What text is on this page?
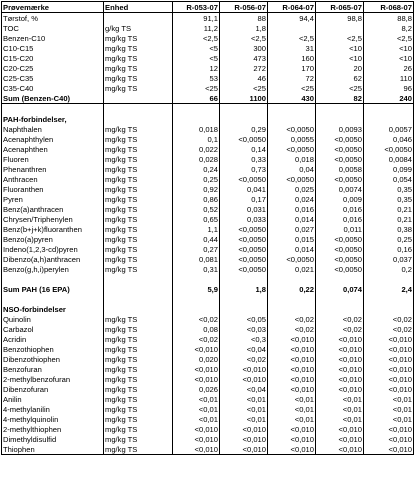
Prøvemærke	Enhed	R-053-07	R-056-07	R-064-07	R-065-07	R-068-07
Tørstof, %		91,1	88	94,4	98,8	88,8
TOC	g/kg TS	11,2	1,8			8,2
Benzen-C10	mg/kg TS	<2,5	<2,5	<2,5	<2,5	<2,5
C10-C15	mg/kg TS	<5	300	31	<10	<10
C15-C20	mg/kg TS	<5	473	160	<10	<10
C20-C25	mg/kg TS	12	272	170	20	26
C25-C35	mg/kg TS	53	46	72	62	110
C35-C40	mg/kg TS	<25	<25	<25	<25	96
Sum (Benzen-C40)		66	1100	430	82	240

PAH-forbindelser,						
Naphthalen	mg/kg TS	0,018	0,29	<0,0050	0,0093	0,0057
Acenaphthylen	mg/kg TS	0,1	<0,0050	0,0055	<0,0050	0,046
Acenaphthen	mg/kg TS	0,022	0,14	<0,0050	<0,0050	<0,0050
Fluoren	mg/kg TS	0,028	0,33	0,018	<0,0050	0,0084
Phenanthren	mg/kg TS	0,24	0,73	0,04	0,0058	0,099
Anthracen	mg/kg TS	0,25	<0,0050	<0,0050	<0,0050	0,054
Fluoranthen	mg/kg TS	0,92	0,041	0,025	0,0074	0,35
Pyren	mg/kg TS	0,86	0,17	0,024	0,009	0,35
Benz(a)anthracen	mg/kg TS	0,52	0,031	0,016	0,016	0,21
Chrysen/Triphenylen	mg/kg TS	0,65	0,033	0,014	0,016	0,21
Benz(b+j+k)fluoranthen	mg/kg TS	1,1	<0,0050	0,027	0,011	0,38
Benzo(a)pyren	mg/kg TS	0,44	<0,0050	0,015	<0,0050	0,25
Indeno(1,2,3-cd)pyren	mg/kg TS	0,27	<0,0050	0,014	<0,0050	0,16
Dibenzo(a,h)anthracen	mg/kg TS	0,081	<0,0050	<0,0050	<0,0050	0,037
Benzo(g,h,i)perylen	mg/kg TS	0,31	<0,0050	0,021	<0,0050	0,2

Sum PAH (16 EPA)		5,9	1,8	0,22	0,074	2,4

NSO-forbindelser						
Quinolin	mg/kg TS	<0,02	<0,05	<0,02	<0,02	<0,02
Carbazol	mg/kg TS	0,08	<0,03	<0,02	<0,02	<0,02
Acridin	mg/kg TS	<0,02	<0,3	<0,010	<0,010	<0,010
Benzothiophen	mg/kg TS	<0,010	<0,04	<0,010	<0,010	<0,010
Dibenzothiophen	mg/kg TS	0,020	<0,02	<0,010	<0,010	<0,010
Benzofuran	mg/kg TS	<0,010	<0,010	<0,010	<0,010	<0,010
2-methylbenzofuran	mg/kg TS	<0,010	<0,010	<0,010	<0,010	<0,010
Dibenzofuran	mg/kg TS	0,026	<0,04	<0,010	<0,010	<0,010
Anilin	mg/kg TS	<0,01	<0,01	<0,01	<0,01	<0,01
4-methylanilin	mg/kg TS	<0,01	<0,01	<0,01	<0,01	<0,01
4-methylquinolin	mg/kg TS	<0,01	<0,01	<0,01	<0,01	<0,01
2-methylthiophen	mg/kg TS	<0,010	<0,010	<0,010	<0,010	<0,010
Dimethyldisulfid	mg/kg TS	<0,010	<0,010	<0,010	<0,010	<0,010
Thiophen	mg/kg TS	<0,010	<0,010	<0,010	<0,010	<0,010
